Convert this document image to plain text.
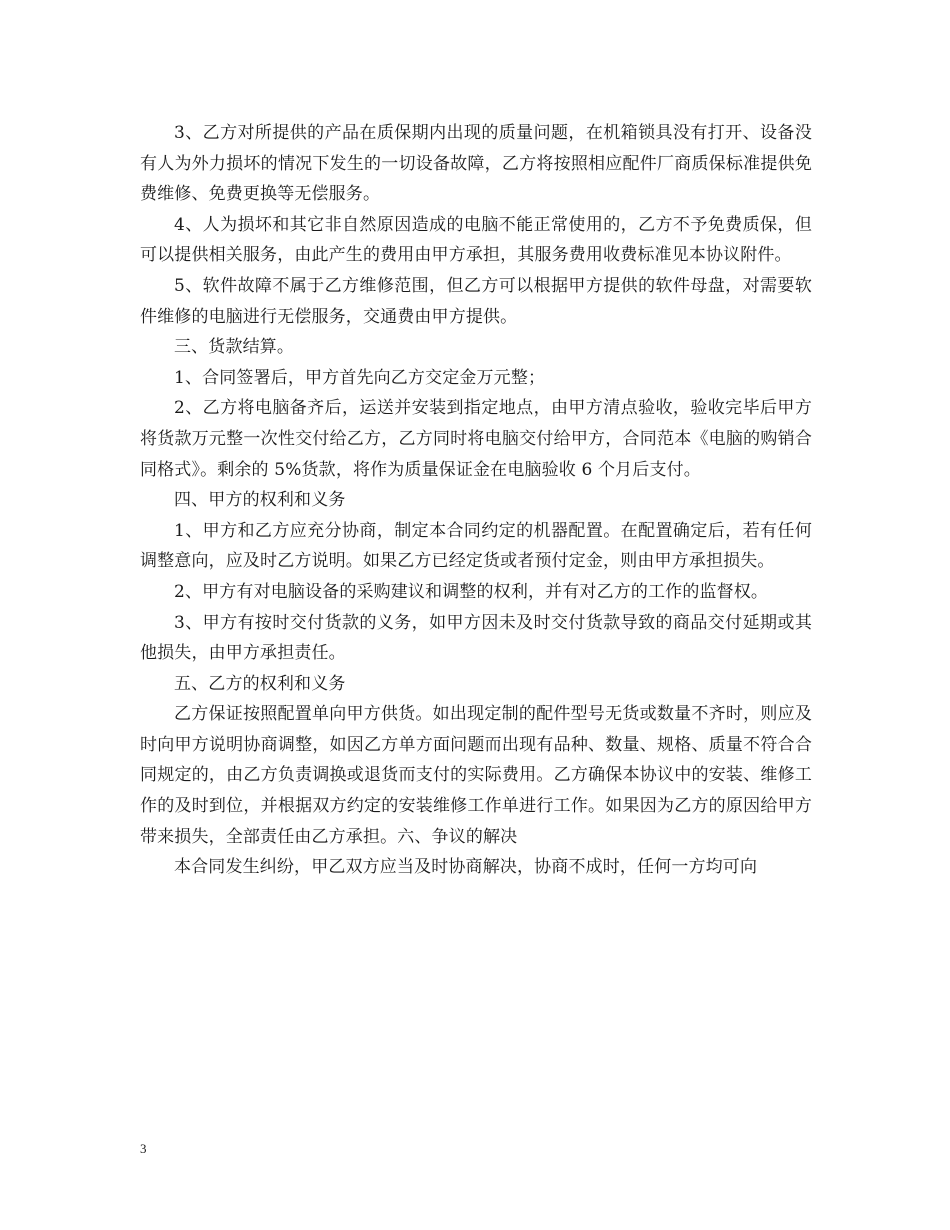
3、乙方对所提供的产品在质保期内出现的质量问题，在机箱锁具没有打开、设备没有人为外力损坏的情况下发生的一切设备故障，乙方将按照相应配件厂商质保标准提供免费维修、免费更换等无偿服务。

4、人为损坏和其它非自然原因造成的电脑不能正常使用的，乙方不予免费质保，但可以提供相关服务，由此产生的费用由甲方承担，其服务费用收费标准见本协议附件。

5、软件故障不属于乙方维修范围，但乙方可以根据甲方提供的软件母盘，对需要软件维修的电脑进行无偿服务，交通费由甲方提供。

三、货款结算。

1、合同签署后，甲方首先向乙方交定金万元整；

2、乙方将电脑备齐后，运送并安装到指定地点，由甲方清点验收，验收完毕后甲方将货款万元整一次性交付给乙方，乙方同时将电脑交付给甲方，合同范本《电脑的购销合同格式》。剩余的 5%货款，将作为质量保证金在电脑验收 6 个月后支付。

四、甲方的权利和义务

1、甲方和乙方应充分协商，制定本合同约定的机器配置。在配置确定后，若有任何调整意向，应及时乙方说明。如果乙方已经定货或者预付定金，则由甲方承担损失。

2、甲方有对电脑设备的采购建议和调整的权利，并有对乙方的工作的监督权。

3、甲方有按时交付货款的义务，如甲方因未及时交付货款导致的商品交付延期或其他损失，由甲方承担责任。

五、乙方的权利和义务

乙方保证按照配置单向甲方供货。如出现定制的配件型号无货或数量不齐时，则应及时向甲方说明协商调整，如因乙方单方面问题而出现有品种、数量、规格、质量不符合合同规定的，由乙方负责调换或退货而支付的实际费用。乙方确保本协议中的安装、维修工作的及时到位，并根据双方约定的安装维修工作单进行工作。如果因为乙方的原因给甲方带来损失，全部责任由乙方承担。六、争议的解决

本合同发生纠纷，甲乙双方应当及时协商解决，协商不成时，任何一方均可向

3
